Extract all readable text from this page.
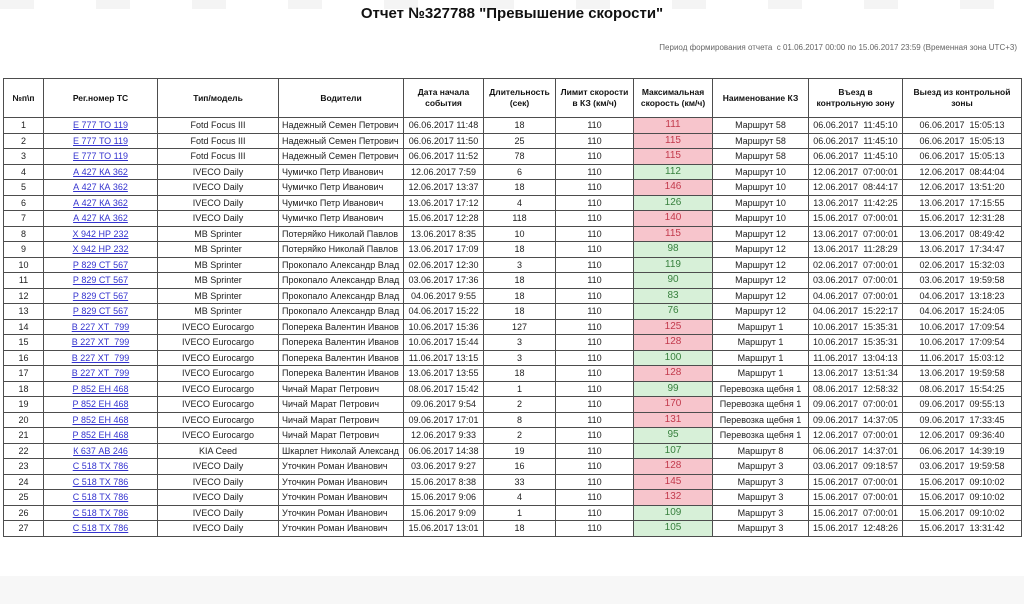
Отчет №327788 "Превышение скорости"
Период формирования отчета  с 01.06.2017 00:00 по 15.06.2017 23:59 (Временная зона UTC+3)
№п\п	Рег.номер ТС	Тип/модель	Водители	Дата начала события	Длительность (сек)	Лимит скорости в КЗ (км/ч)	Максимальная скорость (км/ч)	Наименование КЗ	Въезд в контрольную зону	Выезд из контрольной зоны
1	Е 777 ТО 119	Fotd Focus III	Надежный Семен Петрович	06.06.2017 11:48	18	110	111	Маршрут 58	06.06.2017  11:45:10	06.06.2017  15:05:13
2	Е 777 ТО 119	Fotd Focus III	Надежный Семен Петрович	06.06.2017 11:50	25	110	115	Маршрут 58	06.06.2017  11:45:10	06.06.2017  15:05:13
3	Е 777 ТО 119	Fotd Focus III	Надежный Семен Петрович	06.06.2017 11:52	78	110	115	Маршрут 58	06.06.2017  11:45:10	06.06.2017  15:05:13
4	А 427 КА 362	IVECO Daily	Чумичко Петр Иванович	12.06.2017 7:59	6	110	112	Маршрут 10	12.06.2017  07:00:01	12.06.2017  08:44:04
5	А 427 КА 362	IVECO Daily	Чумичко Петр Иванович	12.06.2017 13:37	18	110	146	Маршрут 10	12.06.2017  08:44:17	12.06.2017  13:51:20
6	А 427 КА 362	IVECO Daily	Чумичко Петр Иванович	13.06.2017 17:12	4	110	126	Маршрут 10	13.06.2017  11:42:25	13.06.2017  17:15:55
7	А 427 КА 362	IVECO Daily	Чумичко Петр Иванович	15.06.2017 12:28	118	110	140	Маршрут 10	15.06.2017  07:00:01	15.06.2017  12:31:28
8	Х 942 НР 232	MB Sprinter	Потеряйко Николай Павлов	13.06.2017 8:35	10	110	115	Маршрут 12	13.06.2017  07:00:01	13.06.2017  08:49:42
9	Х 942 НР 232	MB Sprinter	Потеряйко Николай Павлов	13.06.2017 17:09	18	110	98	Маршрут 12	13.06.2017  11:28:29	13.06.2017  17:34:47
10	Р 829 СТ 567	MB Sprinter	Прокопало Александр Влад	02.06.2017 12:30	3	110	119	Маршрут 12	02.06.2017  07:00:01	02.06.2017  15:32:03
11	Р 829 СТ 567	MB Sprinter	Прокопало Александр Влад	03.06.2017 17:36	18	110	90	Маршрут 12	03.06.2017  07:00:01	03.06.2017  19:59:58
12	Р 829 СТ 567	MB Sprinter	Прокопало Александр Влад	04.06.2017 9:55	18	110	83	Маршрут 12	04.06.2017  07:00:01	04.06.2017  13:18:23
13	Р 829 СТ 567	MB Sprinter	Прокопало Александр Влад	04.06.2017 15:22	18	110	76	Маршрут 12	04.06.2017  15:22:17	04.06.2017  15:24:05
14	В 227 ХТ  799	IVECO Eurocargo	Поперека Валентин Иванов	10.06.2017 15:36	127	110	125	Маршрут 1	10.06.2017  15:35:31	10.06.2017  17:09:54
15	В 227 ХТ  799	IVECO Eurocargo	Поперека Валентин Иванов	10.06.2017 15:44	3	110	128	Маршрут 1	10.06.2017  15:35:31	10.06.2017  17:09:54
16	В 227 ХТ  799	IVECO Eurocargo	Поперека Валентин Иванов	11.06.2017 13:15	3	110	100	Маршрут 1	11.06.2017  13:04:13	11.06.2017  15:03:12
17	В 227 ХТ  799	IVECO Eurocargo	Поперека Валентин Иванов	13.06.2017 13:55	18	110	128	Маршрут 1	13.06.2017  13:51:34	13.06.2017  19:59:58
18	Р 852 ЕН 468	IVECO Eurocargo	Чичай Марат Петрович	08.06.2017 15:42	1	110	99	Перевозка щебня 1	08.06.2017  12:58:32	08.06.2017  15:54:25
19	Р 852 ЕН 468	IVECO Eurocargo	Чичай Марат Петрович	09.06.2017 9:54	2	110	170	Перевозка щебня 1	09.06.2017  07:00:01	09.06.2017  09:55:13
20	Р 852 ЕН 468	IVECO Eurocargo	Чичай Марат Петрович	09.06.2017 17:01	8	110	131	Перевозка щебня 1	09.06.2017  14:37:05	09.06.2017  17:33:45
21	Р 852 ЕН 468	IVECO Eurocargo	Чичай Марат Петрович	12.06.2017 9:33	2	110	95	Перевозка щебня 1	12.06.2017  07:00:01	12.06.2017  09:36:40
22	К 637 АВ 246	KIA Ceed	Шкарлет Николай Александ	06.06.2017 14:38	19	110	107	Маршрут 8	06.06.2017  14:37:01	06.06.2017  14:39:19
23	С 518 ТХ 786	IVECO Daily	Уточкин Роман Иванович	03.06.2017 9:27	16	110	128	Маршрут 3	03.06.2017  09:18:57	03.06.2017  19:59:58
24	С 518 ТХ 786	IVECO Daily	Уточкин Роман Иванович	15.06.2017 8:38	33	110	145	Маршрут 3	15.06.2017  07:00:01	15.06.2017  09:10:02
25	С 518 ТХ 786	IVECO Daily	Уточкин Роман Иванович	15.06.2017 9:06	4	110	132	Маршрут 3	15.06.2017  07:00:01	15.06.2017  09:10:02
26	С 518 ТХ 786	IVECO Daily	Уточкин Роман Иванович	15.06.2017 9:09	1	110	109	Маршрут 3	15.06.2017  07:00:01	15.06.2017  09:10:02
27	С 518 ТХ 786	IVECO Daily	Уточкин Роман Иванович	15.06.2017 13:01	18	110	105	Маршрут 3	15.06.2017  12:48:26	15.06.2017  13:31:42
